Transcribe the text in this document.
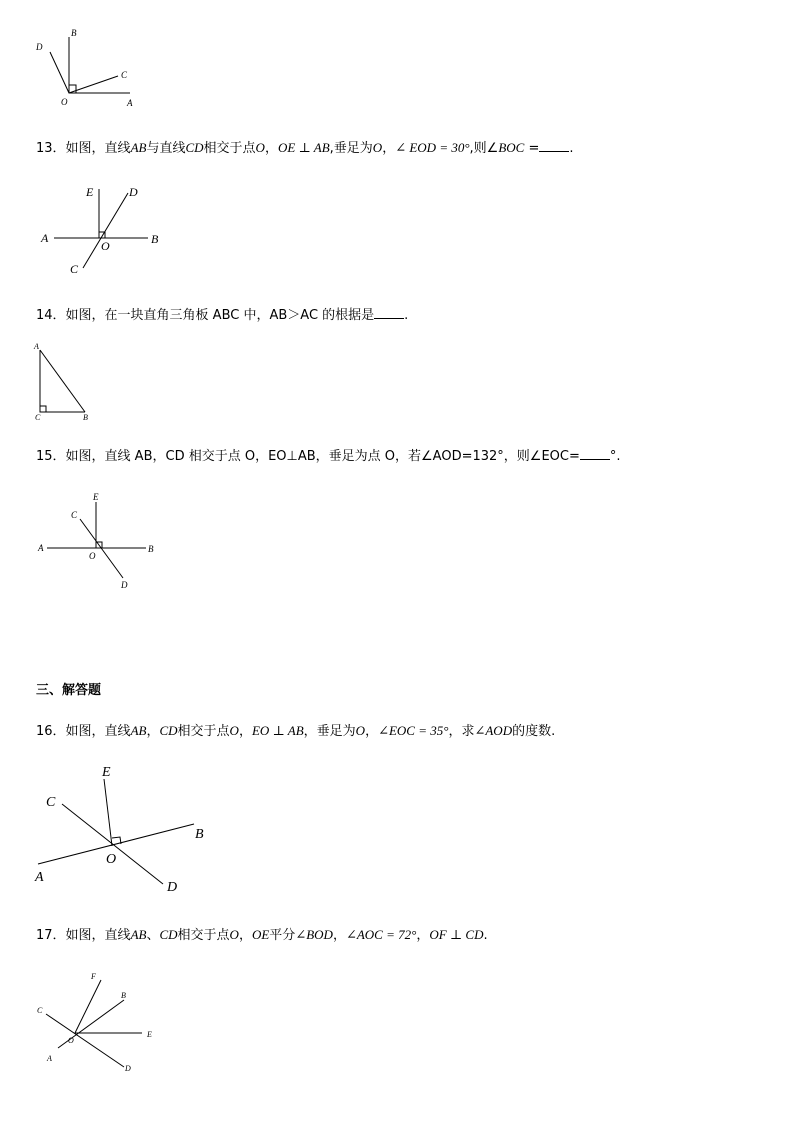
D
B
C
O	A
13．如图，直线AB与直线CD相交于点O，OE ⊥ AB,垂足为O，∠ EOD = 30°,则∠BOC = .
E	D
A
O	B
C
14．如图，在一块直角三角板 ABC 中，AB＞AC 的根据是 .
A
C	B
15．如图，直线 AB，CD 相交于点 O，EO⊥AB，垂足为点 O，若∠AOD=132°，则∠EOC= °.
E
C
A
O
B
D
三、解答题
16．如图，直线AB，CD相交于点O，EO ⊥ AB，垂足为O，∠EOC = 35°，求∠AOD的度数.
E
C
B
O
A
D
17．如图，直线AB、CD相交于点O，OE平分∠BOD，∠AOC = 72°，OF ⊥ CD.
F
B
C
E
O
A
D
